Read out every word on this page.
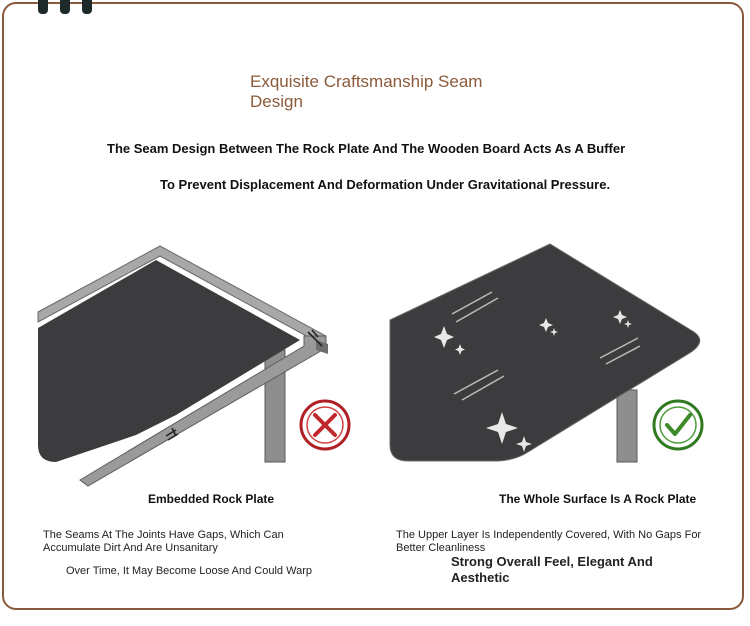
Exquisite Craftsmanship Seam Design
The Seam Design Between The Rock Plate And The Wooden Board Acts As A Buffer
To Prevent Displacement And Deformation Under Gravitational Pressure.
Embedded Rock Plate	The Whole Surface Is A Rock Plate
The Seams At The Joints Have Gaps, Which Can Accumulate Dirt And Are Unsanitary
Over Time, It May Become Loose And Could Warp
The Upper Layer Is Independently Covered, With No Gaps For Better Cleanliness
Strong Overall Feel, Elegant And Aesthetic
